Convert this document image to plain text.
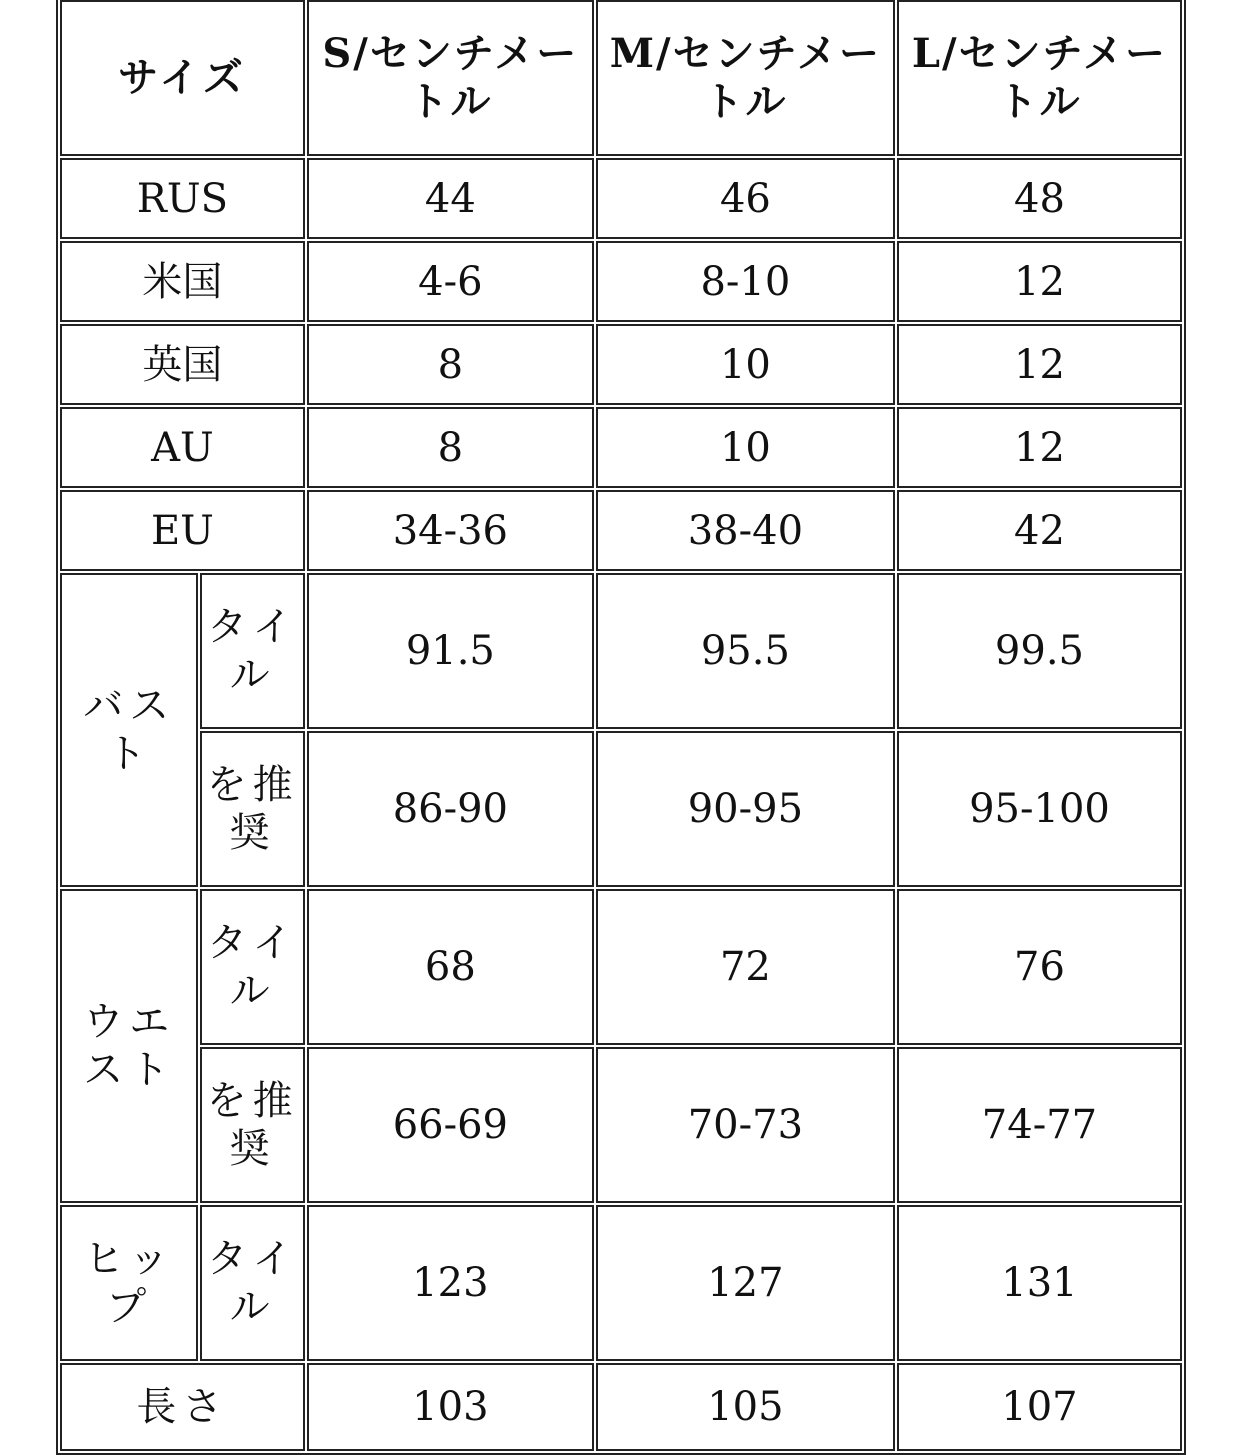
サイズ		S/センチメートル	M/センチメートル	L/センチメートル
RUS		44	46	48
米国		4-6	8-10	12
英国		8	10	12
AU		8	10	12
EU		34-36	38-40	42
バスト	タイル	91.5	95.5	99.5
	を推奨	86-90	90-95	95-100
ウエスト	タイル	68	72	76
	を推奨	66-69	70-73	74-77
ヒップ	タイル	123	127	131
長さ		103	105	107
